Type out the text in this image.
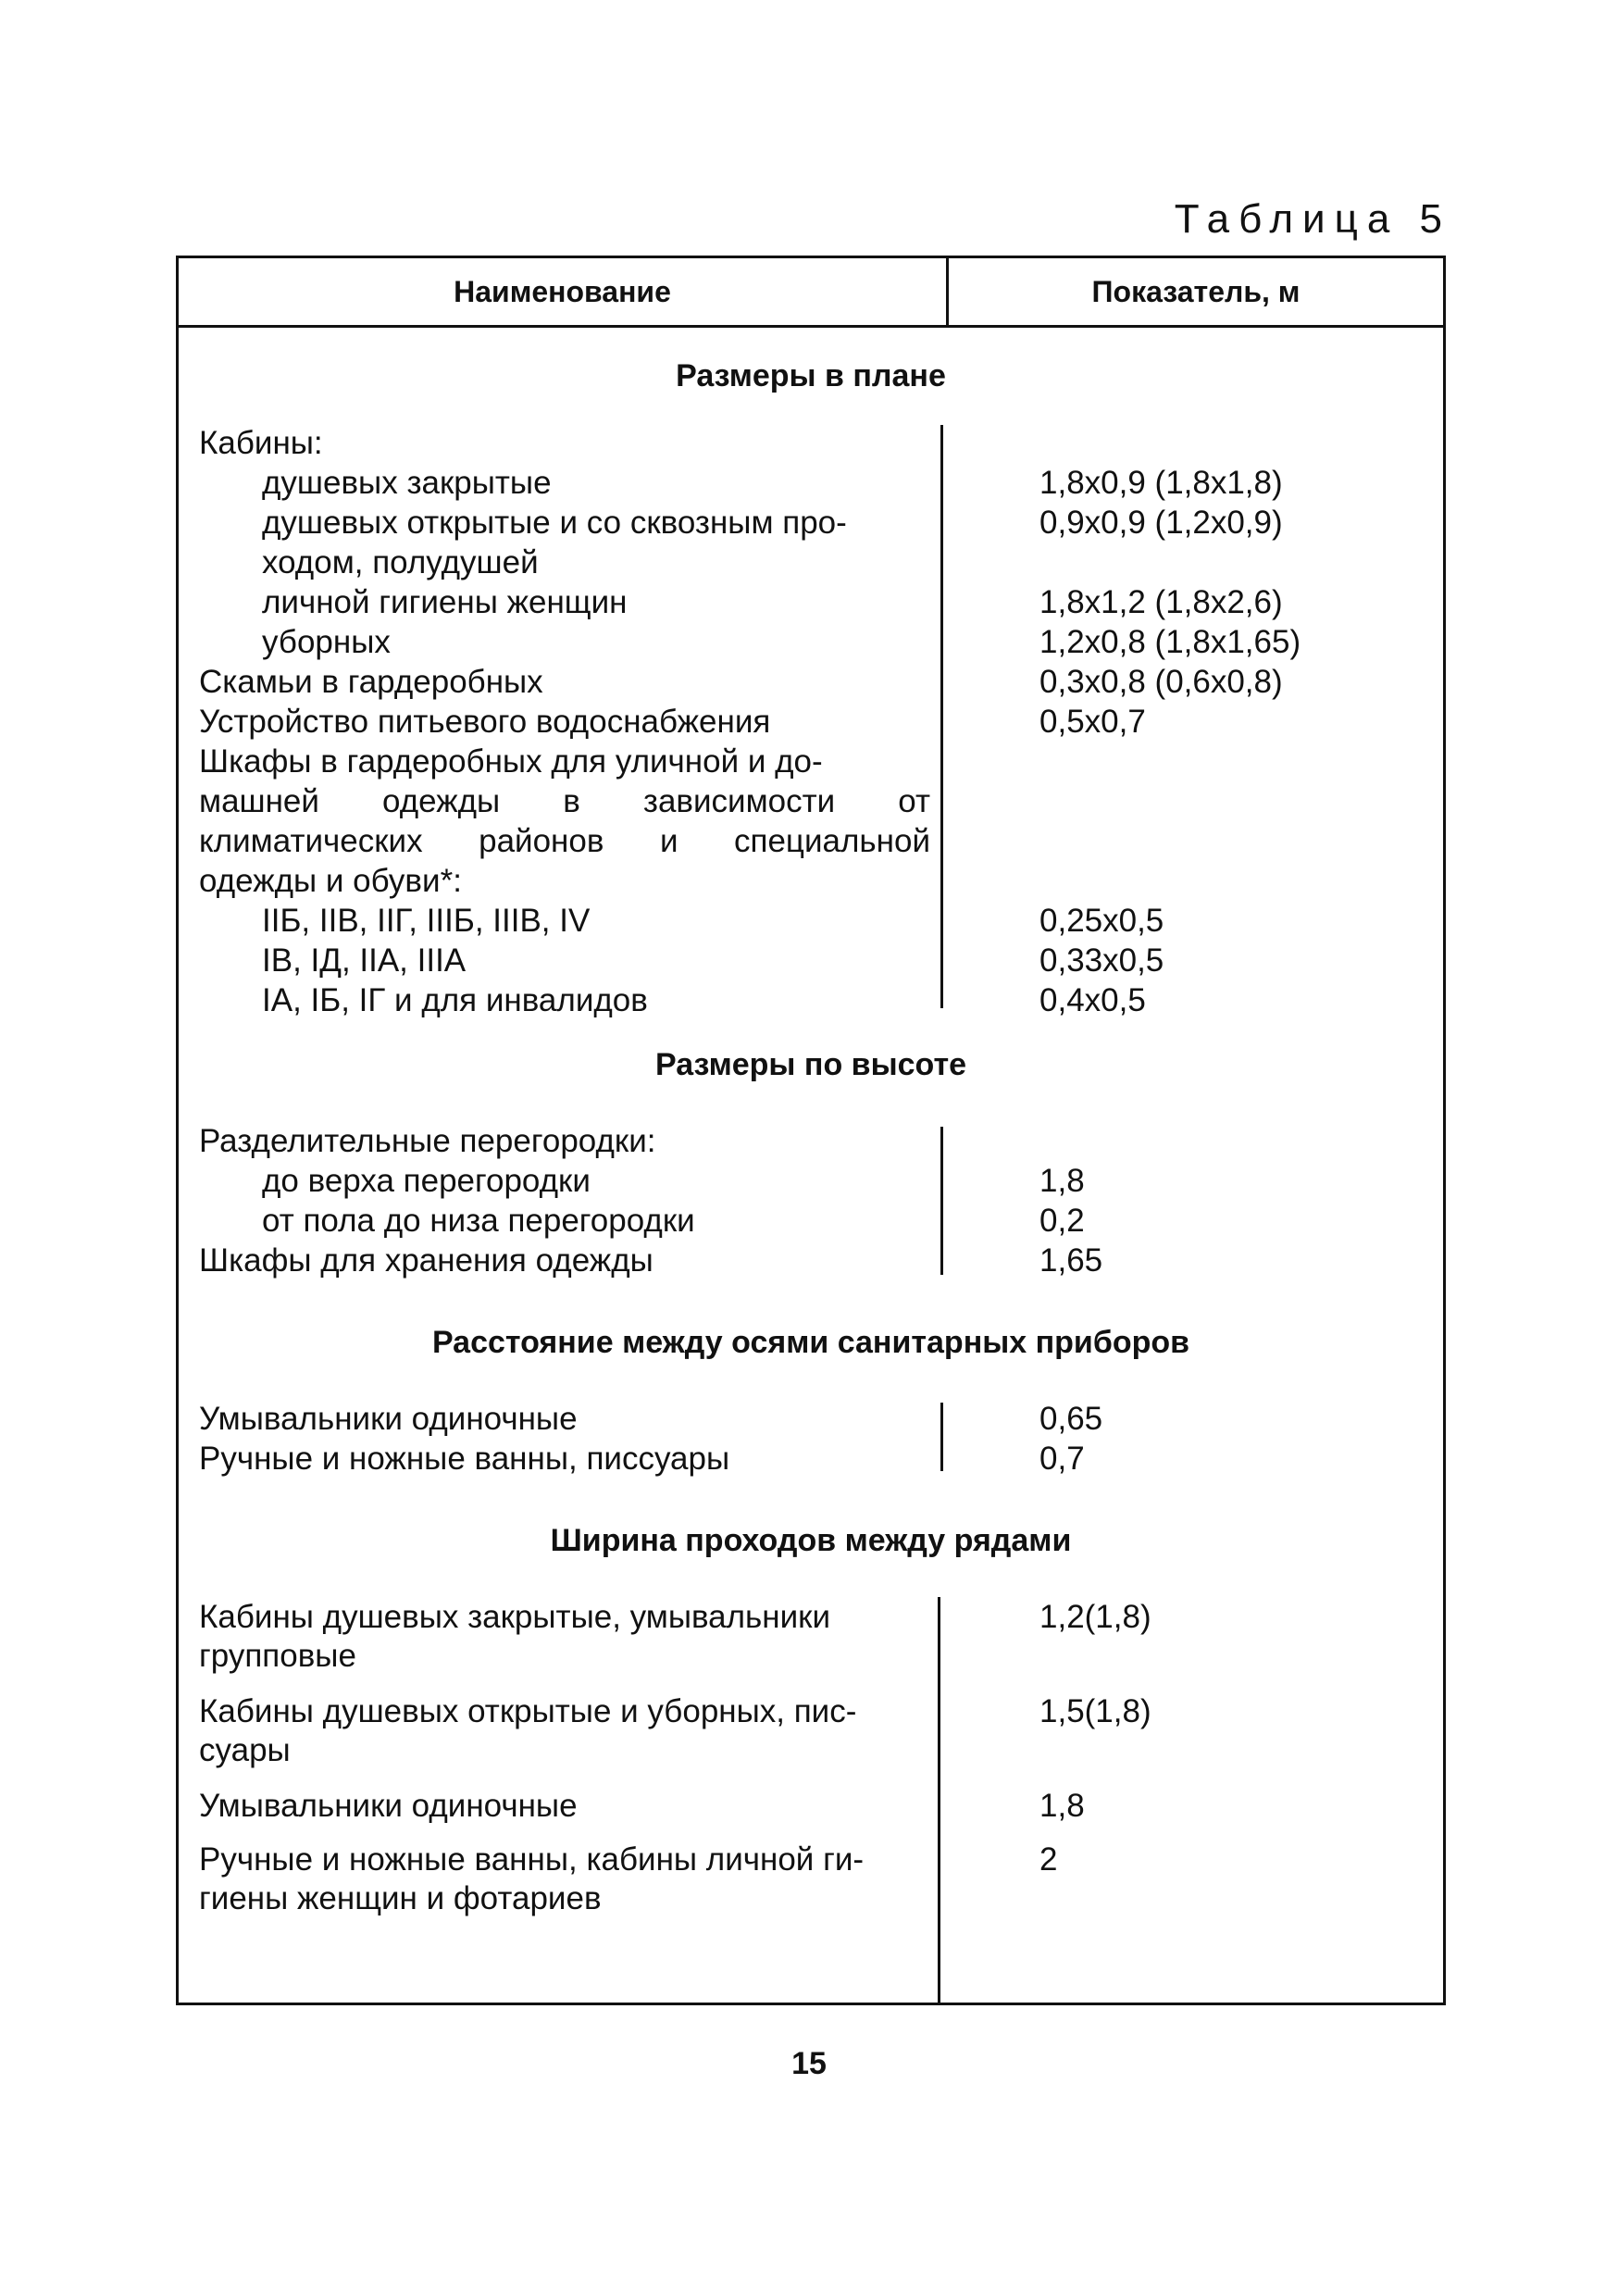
Таблица 5
Наименование	Показатель, м
Размеры в плане
Кабины:
душевых закрытые	1,8х0,9 (1,8х1,8)
душевых открытые и со сквозным про-	0,9х0,9 (1,2х0,9)
ходом, полудушей
личной гигиены женщин	1,8х1,2 (1,8х2,6)
уборных	1,2х0,8 (1,8х1,65)
Скамьи в гардеробных	0,3х0,8 (0,6х0,8)
Устройство питьевого водоснабжения	0,5х0,7
Шкафы в гардеробных для уличной и до-
машней одежды в зависимости от
климатических районов и специальной
одежды и обуви*:
IIБ, IIВ, IIГ, IIIБ, IIIВ, IV	0,25х0,5
IВ, IД, IIА, IIIА	0,33х0,5
IА, IБ, IГ и для инвалидов	0,4х0,5
Размеры по высоте
Разделительные перегородки:
до верха перегородки	1,8
от пола до низа перегородки	0,2
Шкафы для хранения одежды	1,65
Расстояние между осями санитарных приборов
Умывальники одиночные	0,65
Ручные и ножные ванны, писсуары	0,7
Ширина проходов между рядами
Кабины душевых закрытые, умывальники	1,2(1,8)
групповые
Кабины душевых открытые и уборных, пис-	1,5(1,8)
суары
Умывальники одиночные	1,8
Ручные и ножные ванны, кабины личной ги-	2
гиены женщин и фотариев
15
